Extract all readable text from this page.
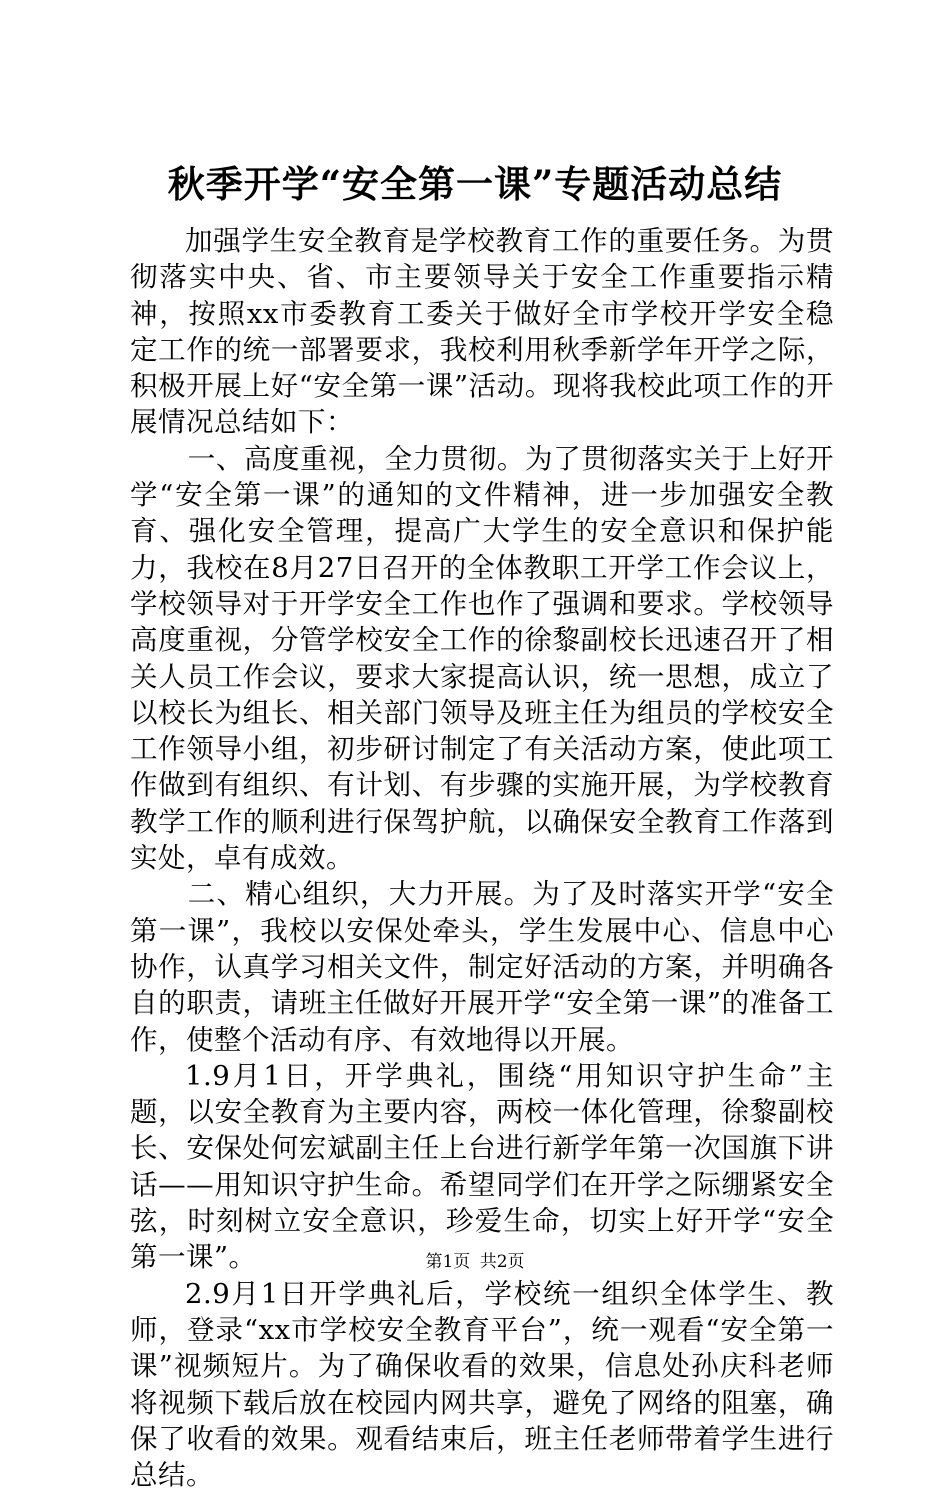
秋季开学“安全第一课”专题活动总结

加强学生安全教育是学校教育工作的重要任务。为贯彻落实中央、省、市主要领导关于安全工作重要指示精神，按照xx市委教育工委关于做好全市学校开学安全稳定工作的统一部署要求，我校利用秋季新学年开学之际，积极开展上好“安全第一课”活动。现将我校此项工作的开展情况总结如下：

一、高度重视，全力贯彻。为了贯彻落实关于上好开学“安全第一课”的通知的文件精神，进一步加强安全教育、强化安全管理，提高广大学生的安全意识和保护能力，我校在8月27日召开的全体教职工开学工作会议上，学校领导对于开学安全工作也作了强调和要求。学校领导高度重视，分管学校安全工作的徐黎副校长迅速召开了相关人员工作会议，要求大家提高认识，统一思想，成立了以校长为组长、相关部门领导及班主任为组员的学校安全工作领导小组，初步研讨制定了有关活动方案，使此项工作做到有组织、有计划、有步骤的实施开展，为学校教育教学工作的顺利进行保驾护航，以确保安全教育工作落到实处，卓有成效。

二、精心组织，大力开展。为了及时落实开学“安全第一课”，我校以安保处牵头，学生发展中心、信息中心协作，认真学习相关文件，制定好活动的方案，并明确各自的职责，请班主任做好开展开学“安全第一课”的准备工作，使整个活动有序、有效地得以开展。

1.9月1日，开学典礼，围绕“用知识守护生命”主题，以安全教育为主要内容，两校一体化管理，徐黎副校长、安保处何宏斌副主任上台进行新学年第一次国旗下讲话——用知识守护生命。希望同学们在开学之际绷紧安全弦，时刻树立安全意识，珍爱生命，切实上好开学“安全第一课”。

2.9月1日开学典礼后，学校统一组织全体学生、教师，登录“xx市学校安全教育平台”，统一观看“安全第一课”视频短片。为了确保收看的效果，信息处孙庆科老师将视频下载后放在校园内网共享，避免了网络的阻塞，确保了收看的效果。观看结束后，班主任老师带着学生进行总结。

第1页 共2页
